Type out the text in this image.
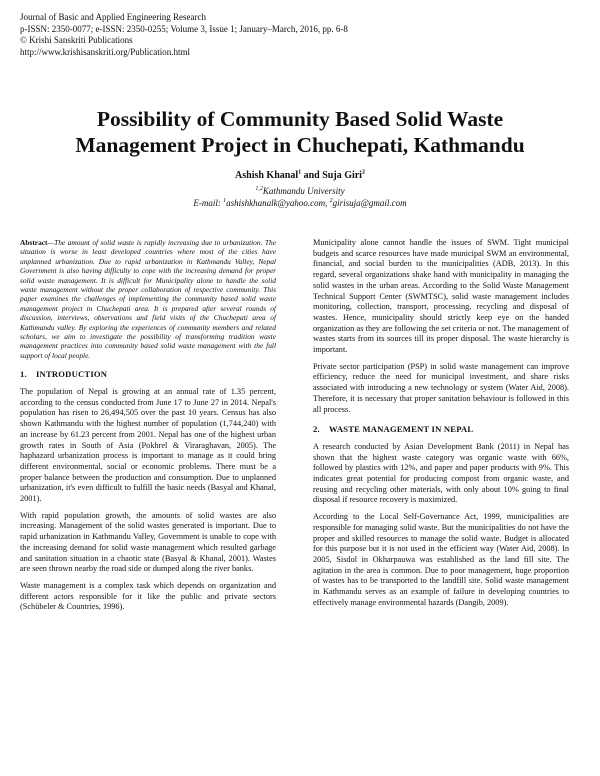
Journal of Basic and Applied Engineering Research
p-ISSN: 2350-0077; e-ISSN: 2350-0255; Volume 3, Issue 1; January–March, 2016, pp. 6-8
© Krishi Sanskriti Publications
http://www.krishisanskriti.org/Publication.html
Possibility of Community Based Solid Waste
Management Project in Chuchepati, Kathmandu
Ashish Khanal$^1$ and Suja Giri$^2$
$^{1,2}$Kathmandu University
E-mail: $^1$ashishkhanalk@yahoo.com, $^2$girisuja@gmail.com

Abstract—The amount of solid waste is rapidly increasing due to urbanization. The situation is worse in least developed countries where most of the cities have unplanned urbanization. Due to rapid urbanization in Kathmandu Valley, Nepal Government is also having difficulty to cope with the increasing demand for proper solid waste management. It is difficult for Municipality alone to handle the solid waste management without the proper collaboration of respective community. This paper examines the challenges of implementing the community based solid waste management project in Chuchepati area. It is prepared after several rounds of discussion, interviews, observations and field visits of the Chuchepati area of Kathmandu valley. By exploring the experiences of community members and related scholars, we aim to investigate the possibility of transforming tradition waste management practices into community based solid waste management with the full support of local people.

1. INTRODUCTION

The population of Nepal is growing at an annual rate of 1.35 percent, according to the census conducted from June 17 to June 27 in 2014. Nepal's population has risen to 26,494,505 over the past 10 years. Census has also shown Kathmandu with the highest number of population (1,744,240) with an increase by 61.23 percent from 2001. Nepal has one of the highest urban growth rates in South of Asia (Pokhrel & Viraraghavan, 2005). The haphazard urbanization process is important to manage as it could bring different environmental, social or economic problems. There must be a proper balance between the production and consumption. Due to unplanned urbanization, it's even difficult to fulfill the basic needs (Basyal and Khanal, 2001).

With rapid population growth, the amounts of solid wastes are also increasing. Management of the solid wastes generated is important. Due to rapid urbanization in Kathmandu Valley, Government is unable to cope with the increasing demand for solid waste management which resulted garbage and sanitation situation in a chaotic state (Basyal & Khanal, 2001). Wastes are seen thrown nearby the road side or dumped along the river banks.

Waste management is a complex task which depends on organization and different actors responsible for it like the public and private sectors (Schübeler & Countries, 1996).

Municipality alone cannot handle the issues of SWM. Tight municipal budgets and scarce resources have made municipal SWM an environmental, financial, and social burden to the municipalities (ADB, 2013). In this regard, several organizations shake hand with municipality in managing the solid wastes in the urban areas. According to the Solid Waste Management Technical Support Center (SWMTSC), solid waste management includes monitoring, collection, transport, processing, recycling and disposal of wastes. Hence, municipality should strictly keep eye on the handed organization as they are following the set criteria or not. The management of wastes starts from its sources till its proper disposal. The waste hierarchy is important.

Private sector participation (PSP) in solid waste management can improve efficiency, reduce the need for municipal investment, and share risks associated with introducing a new technology or system (Water Aid, 2008). Therefore, it is necessary that proper sanitation behaviour is followed in this all process.

2. WASTE MANAGEMENT IN NEPAL

A research conducted by Asian Development Bank (2011) in Nepal has shown that the highest waste category was organic waste with 66%, followed by plastics with 12%, and paper and paper products with 9%. This indicates great potential for producing compost from organic waste, and reusing and recycling other materials, with only about 10% going to final disposal if resource recovery is maximized.

According to the Local Self-Governance Act, 1999, municipalities are responsible for managing solid waste. But the municipalities do not have the proper and skilled resources to manage the solid waste. Budget is allocated for this purpose but it is not used in the efficient way (Water Aid, 2008). In 2005, Sisdol in Okharpauwa was established as the land fill site. The agitation in the area is common. Due to poor management, huge proportion of wastes has to be transported to the landfill site. Solid waste management in Kathmandu serves as an example of failure in developing countries to effectively manage environmental hazards (Dangib, 2009).
